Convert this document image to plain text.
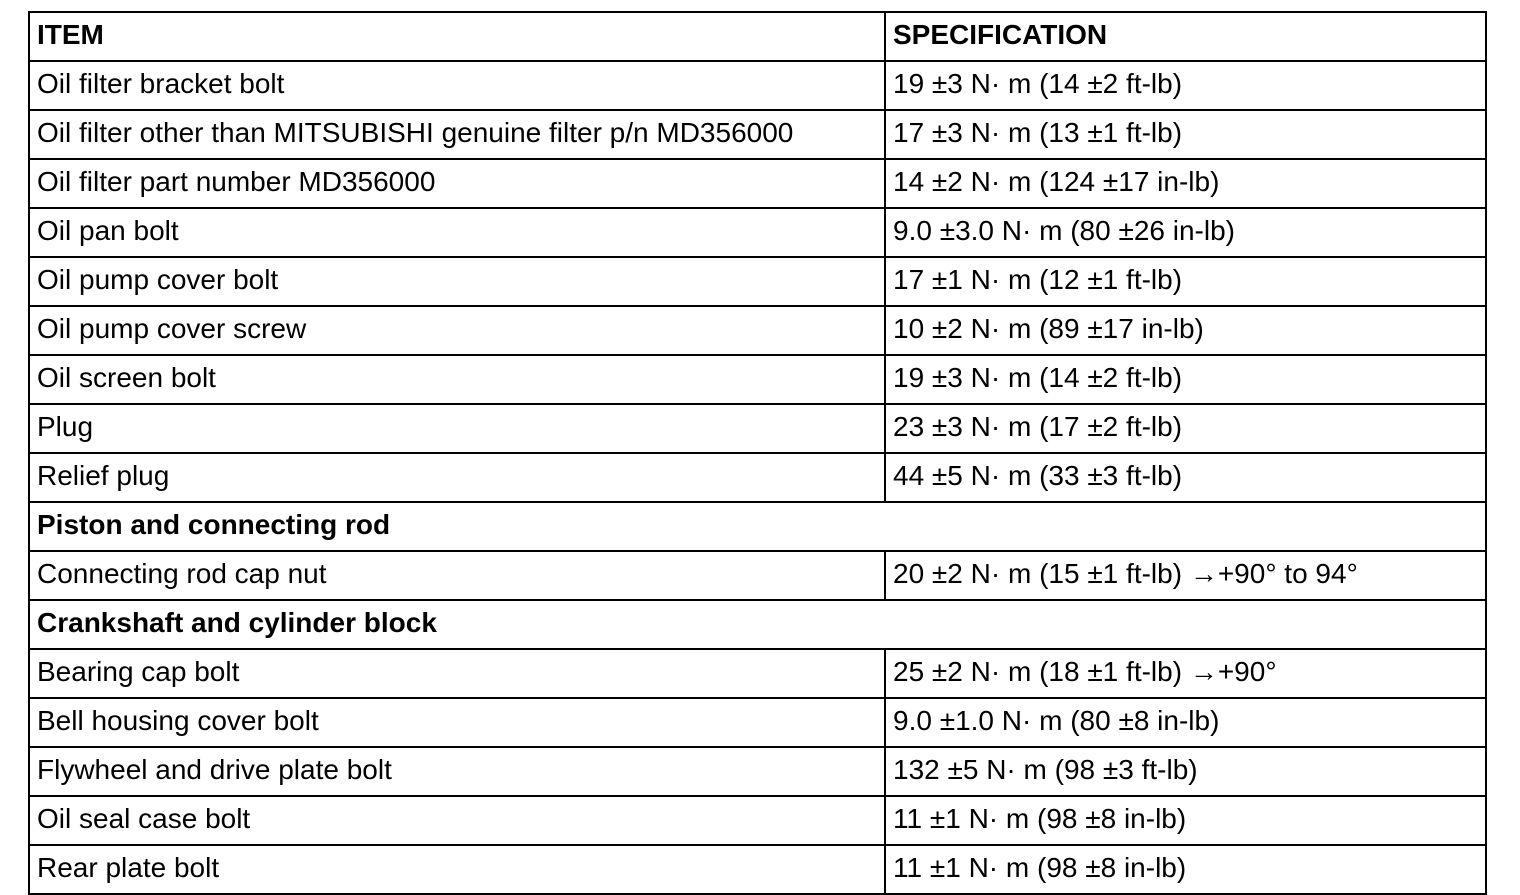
ITEM	SPECIFICATION
Oil filter bracket bolt	19 ±3 N· m (14 ±2 ft-lb)
Oil filter other than MITSUBISHI genuine filter p/n MD356000	17 ±3 N· m (13 ±1 ft-lb)
Oil filter part number MD356000	14 ±2 N· m (124 ±17 in-lb)
Oil pan bolt	9.0 ±3.0 N· m (80 ±26 in-lb)
Oil pump cover bolt	17 ±1 N· m (12 ±1 ft-lb)
Oil pump cover screw	10 ±2 N· m (89 ±17 in-lb)
Oil screen bolt	19 ±3 N· m (14 ±2 ft-lb)
Plug	23 ±3 N· m (17 ±2 ft-lb)
Relief plug	44 ±5 N· m (33 ±3 ft-lb)
Piston and connecting rod	
Connecting rod cap nut	20 ±2 N· m (15 ±1 ft-lb) →+90° to 94°
Crankshaft and cylinder block	
Bearing cap bolt	25 ±2 N· m (18 ±1 ft-lb) →+90°
Bell housing cover bolt	9.0 ±1.0 N· m (80 ±8 in-lb)
Flywheel and drive plate bolt	132 ±5 N· m (98 ±3 ft-lb)
Oil seal case bolt	11 ±1 N· m (98 ±8 in-lb)
Rear plate bolt	11 ±1 N· m (98 ±8 in-lb)
